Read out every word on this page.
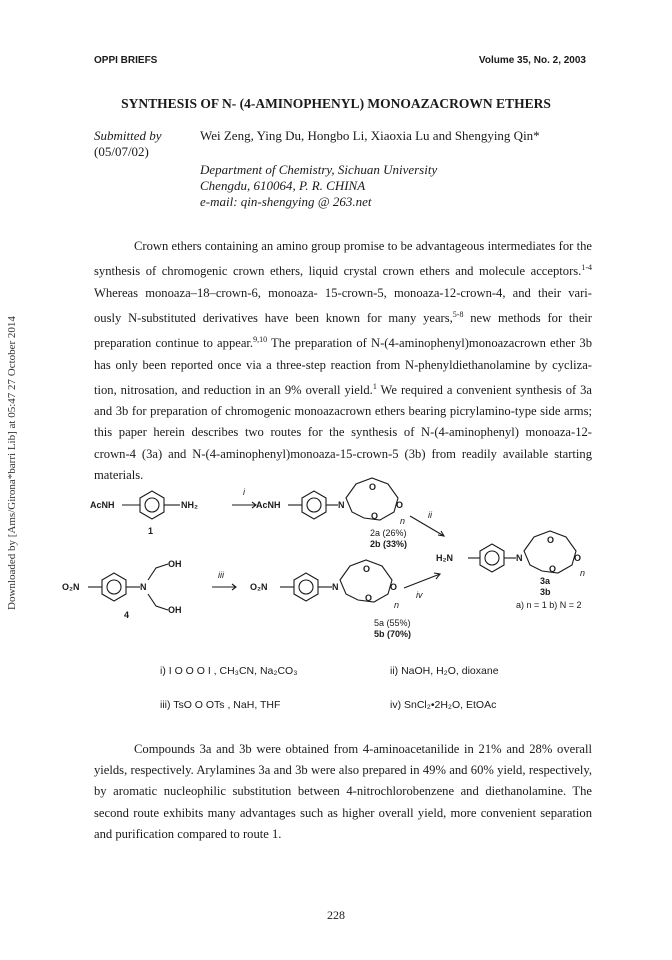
OPPI BRIEFS	Volume 35, No. 2, 2003
SYNTHESIS OF N- (4-AMINOPHENYL) MONOAZACROWN ETHERS
Submitted by
(05/07/02)
Wei Zeng, Ying Du, Hongbo Li, Xiaoxia Lu and Shengying Qin*
Department of Chemistry, Sichuan University
Chengdu, 610064, P. R. CHINA
e-mail: qin-shengying @ 263.net
Downloaded by [Ams/Girona*barri Lib] at 05:47 27 October 2014

Crown ethers containing an amino group promise to be advantageous intermediates for the synthesis of chromogenic crown ethers, liquid crystal crown ethers and molecule acceptors.$^{1-4}$ Whereas monoaza–18–crown-6, monoaza- 15-crown-5, monoaza-12-crown-4, and their vari- ously N-substituted derivatives have been known for many years,$^{5-8}$ new methods for their preparation continue to appear.$^{9,10}$ The preparation of N-(4-aminophenyl)monoazacrown ether 3b has only been reported once via a three-step reaction from N-phenyldiethanolamine by cycliza- tion, nitrosation, and reduction in an 9% overall yield.$^1$ We required a convenient synthesis of 3a and 3b for preparation of chromogenic monoazacrown ethers bearing picrylamino-type side arms; this paper herein describes two routes for the synthesis of N-(4-aminophenyl) monoaza-12- crown-4 (3a) and N-(4-aminophenyl)monoaza-15-crown-5 (3b) from readily available starting materials.

AcNH	NH₂	AcNH	N
O
O
O
H₂N	N
O
O
O
O₂N	N
OH
OH
O₂N	N
O
O
O
1
4
2b (33%)
5b (70%)
3a
3b
2a (26%)
5a (55%)
a) n = 1 b) N = 2
n
n
n
i
ii
iii
iv
i) I O O O I , CH₃CN, Na₂CO₃	ii) NaOH, H₂O, dioxane
iii) TsO O OTs , NaH, THF	iv) SnCl₂•2H₂O, EtOAc

Compounds 3a and 3b were obtained from 4-aminoacetanilide in 21% and 28% overall yields, respectively. Arylamines 3a and 3b were also prepared in 49% and 60% yield, respectively, by aromatic nucleophilic substitution between 4-nitrochlorobenzene and diethanolamine. The second route exhibits many advantages such as higher overall yield, more convenient separation and purification compared to route 1.

228
